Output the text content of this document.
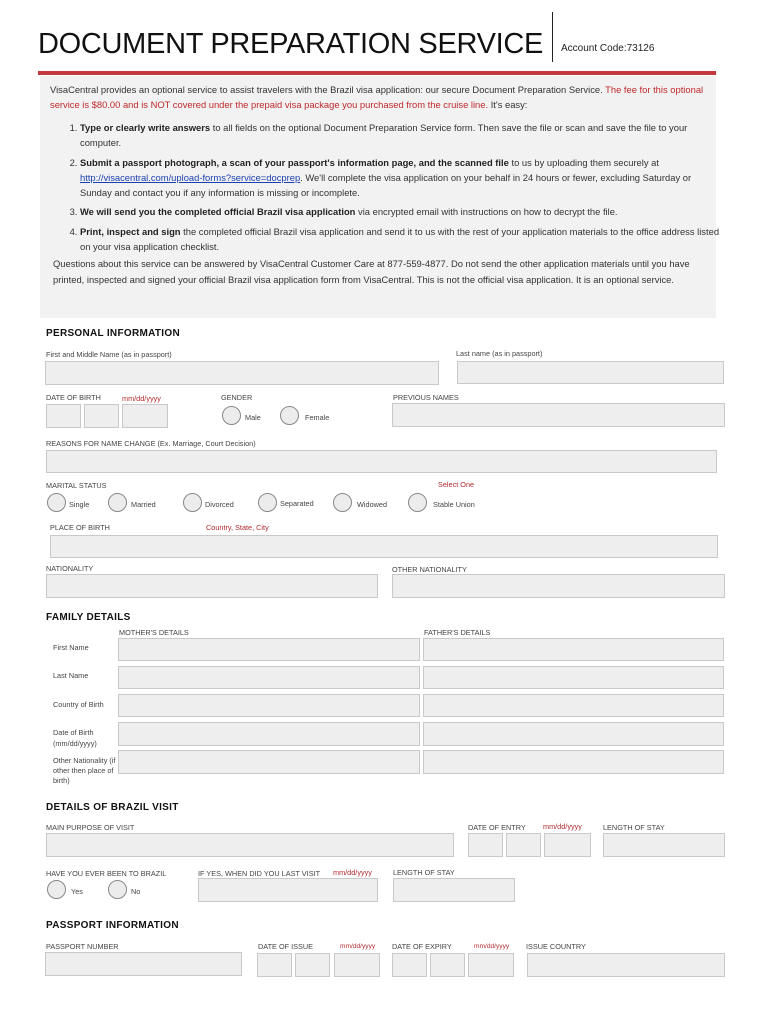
DOCUMENT PREPARATION SERVICE Account Code:73126
VisaCentral provides an optional service to assist travelers with the Brazil visa application: our secure Document Preparation Service. The fee for this optional service is $80.00 and is NOT covered under the prepaid visa package you purchased from the cruise line. It's easy:
1. Type or clearly write answers to all fields on the optional Document Preparation Service form. Then save the file or scan and save the file to your computer.
2. Submit a passport photograph, a scan of your passport's information page, and the scanned file to us by uploading them securely at http://visacentral.com/upload-forms?service=docprep. We'll complete the visa application on your behalf in 24 hours or fewer, excluding Saturday or Sunday and contact you if any information is missing or incomplete.
3. We will send you the completed official Brazil visa application via encrypted email with instructions on how to decrypt the file.
4. Print, inspect and sign the completed official Brazil visa application and send it to us with the rest of your application materials to the office address listed on your visa application checklist.
Questions about this service can be answered by VisaCentral Customer Care at 877-559-4877. Do not send the other application materials until you have printed, inspected and signed your official Brazil visa application form from VisaCentral. This is not the official visa application. It is an optional service.
PERSONAL INFORMATION
First and Middle Name (as in passport)	Last name (as in passport)
DATE OF BIRTH	mm/dd/yyyy	GENDER
Male	Female
PREVIOUS NAMES
REASONS FOR NAME CHANGE (Ex. Marriage, Court Decision)
MARITAL STATUS	Select One
Single	Married	Divorced	Separated	Widowed	Stable Union
PLACE OF BIRTH	Country, State, City
NATIONALITY	OTHER NATIONALITY
FAMILY DETAILS
MOTHER'S DETAILS	FATHER'S DETAILS
First Name
Last Name
Country of Birth
Date of Birth (mm/dd/yyyy)
Other Nationality (if other then place of birth)
DETAILS OF BRAZIL VISIT
MAIN PURPOSE OF VISIT	DATE OF ENTRY mm/dd/yyyy	LENGTH OF STAY
HAVE YOU EVER BEEN TO BRAZIL	IF YES, WHEN DID YOU LAST VISIT mm/dd/yyyy	LENGTH OF STAY
Yes	No
PASSPORT INFORMATION
PASSPORT NUMBER	DATE OF ISSUE	mm/dd/yyyy DATE OF EXPIRY	mm/dd/yyyy ISSUE COUNTRY
